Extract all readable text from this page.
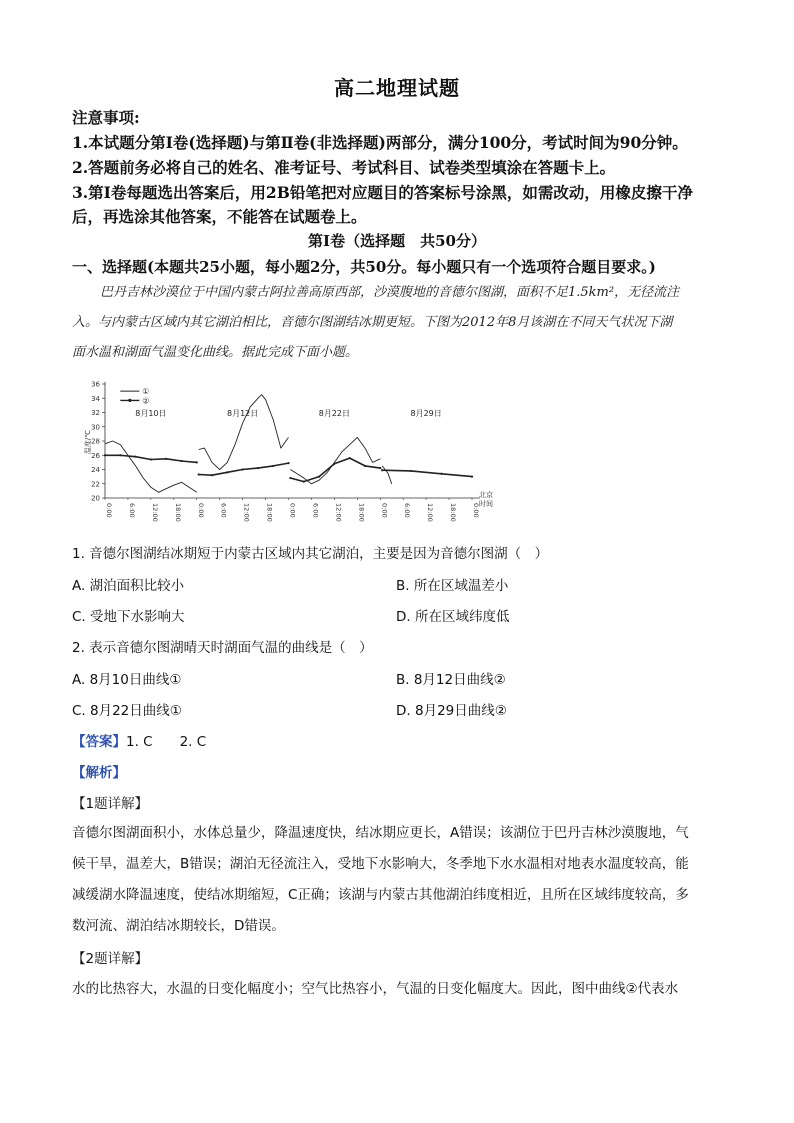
高二地理试题
注意事项:
1.本试题分第Ⅰ卷(选择题)与第Ⅱ卷(非选择题)两部分，满分100分，考试时间为90分钟。
2.答题前务必将自己的姓名、准考证号、考试科目、试卷类型填涂在答题卡上。
3.第Ⅰ卷每题选出答案后，用2B铅笔把对应题目的答案标号涂黑，如需改动，用橡皮擦干净
后，再选涂其他答案，不能答在试题卷上。
第Ⅰ卷（选择题　共50分）
一、选择题(本题共25小题，每小题2分，共50分。每小题只有一个选项符合题目要求。)
巴丹吉林沙漠位于中国内蒙古阿拉善高原西部，沙漠腹地的音德尔图湖，面积不足1.5km²，无径流注
入。与内蒙古区域内其它湖泊相比，音德尔图湖结冰期更短。下图为2012年8月该湖在不同天气状况下湖
面水温和湖面气温变化曲线。据此完成下面小题。
20
22
24
26
28
30
32
34
36
0:00 6:00 12:00 18:00 0:00 6:00 12:00 18:00 0:00 6:00 12:00 18:00 0:00 6:00 12:00 18:00 0:00
温度/℃
北京
时间
8月10日	8月12日	8月22日	8月29日
①
②
1. 音德尔图湖结冰期短于内蒙古区域内其它湖泊，主要是因为音德尔图湖（　）
A. 湖泊面积比较小	B. 所在区域温差小
C. 受地下水影响大	D. 所在区域纬度低
2. 表示音德尔图湖晴天时湖面气温的曲线是（　）
A. 8月10日曲线①	B. 8月12日曲线②
C. 8月22日曲线①	D. 8月29日曲线②
【答案】1. C　　2. C
【解析】
【1题详解】
音德尔图湖面积小，水体总量少，降温速度快，结冰期应更长，A错误；该湖位于巴丹吉林沙漠腹地，气
候干旱，温差大，B错误；湖泊无径流注入，受地下水影响大，冬季地下水水温相对地表水温度较高，能
减缓湖水降温速度，使结冰期缩短，C正确；该湖与内蒙古其他湖泊纬度相近，且所在区域纬度较高，多
数河流、湖泊结冰期较长，D错误。
【2题详解】
水的比热容大，水温的日变化幅度小；空气比热容小，气温的日变化幅度大。因此，图中曲线②代表水
